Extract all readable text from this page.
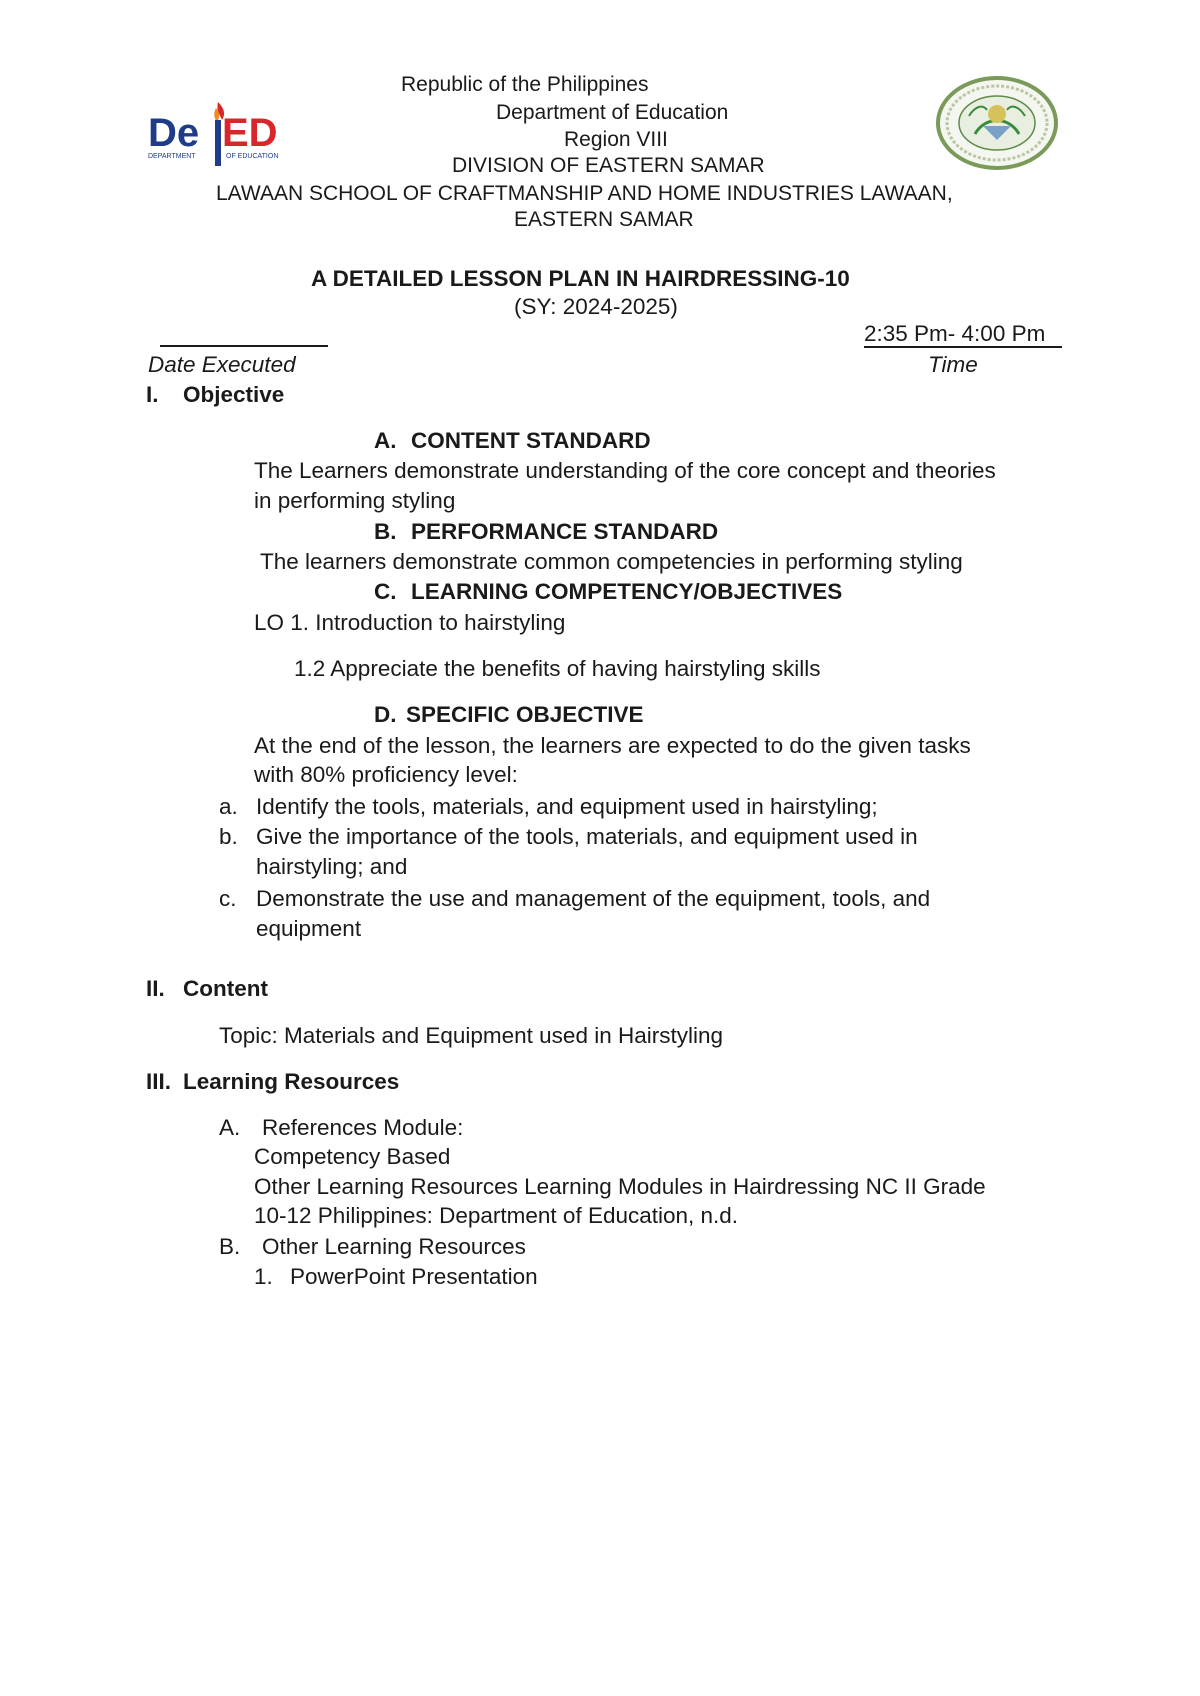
De ED
DEPARTMENT	OF EDUCATION
Republic of the Philippines
Department of Education
Region VIII
DIVISION OF EASTERN SAMAR
LAWAAN SCHOOL OF CRAFTMANSHIP AND HOME INDUSTRIES LAWAAN,
EASTERN SAMAR
A DETAILED LESSON PLAN IN HAIRDRESSING-10
(SY: 2024-2025)
Date Executed
2:35 Pm- 4:00 Pm
Time
I. Objective
A. CONTENT STANDARD
The Learners demonstrate understanding of the core concept and theories
in performing styling
B. PERFORMANCE STANDARD
The learners demonstrate common competencies in performing styling
C. LEARNING COMPETENCY/OBJECTIVES
LO 1. Introduction to hairstyling
1.2 Appreciate the benefits of having hairstyling skills
D. SPECIFIC OBJECTIVE
At the end of the lesson, the learners are expected to do the given tasks
with 80% proficiency level:
a. Identify the tools, materials, and equipment used in hairstyling;
b. Give the importance of the tools, materials, and equipment used in
hairstyling; and
c. Demonstrate the use and management of the equipment, tools, and
equipment
II. Content
Topic: Materials and Equipment used in Hairstyling
III. Learning Resources
A. References Module:
Competency Based
Other Learning Resources Learning Modules in Hairdressing NC II Grade
10-12 Philippines: Department of Education, n.d.
B. Other Learning Resources
1. PowerPoint Presentation
